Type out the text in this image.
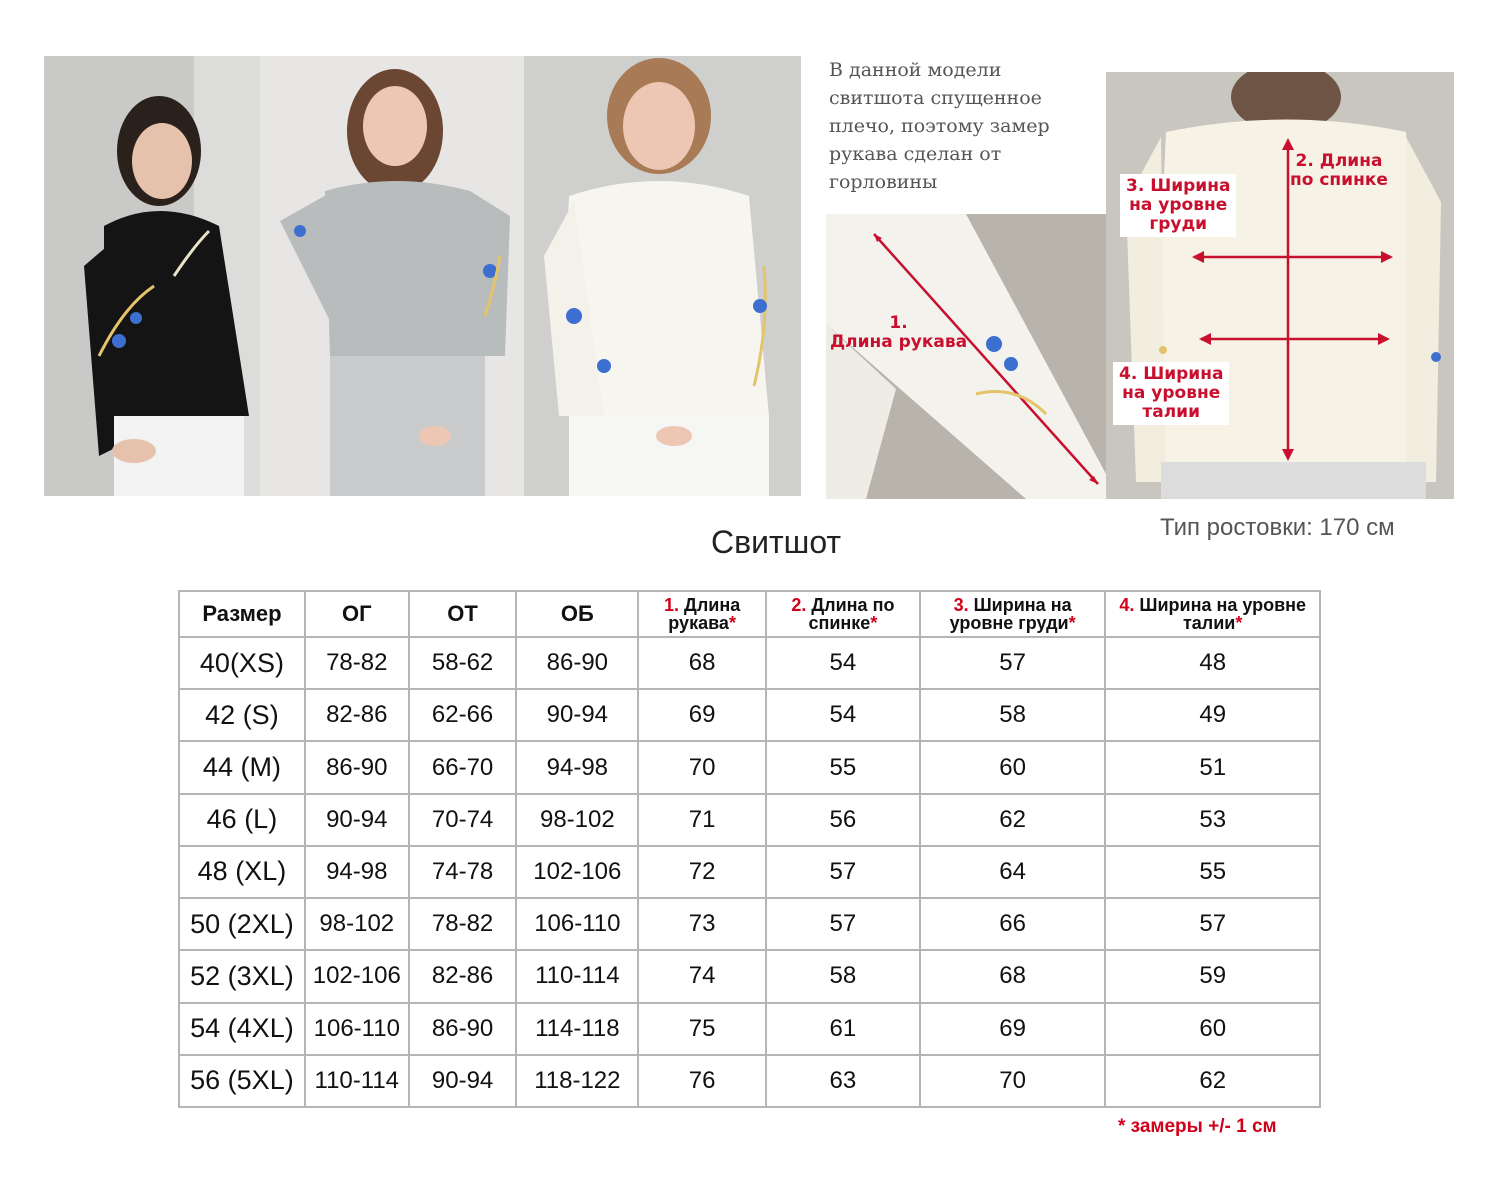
В данной модели
свитшота спущенное
плечо, поэтому замер
рукава сделан от
горловины
1.
Длина рукава
2. Длина
по спинке
3. Ширина
на уровне
груди
4. Ширина
на уровне
талии
Тип ростовки: 170 см
Свитшот
Размер	ОГ	ОТ	ОБ	1. Длина рукава*	2. Длина по спинке*	3. Ширина на уровне груди*	4. Ширина на уровне талии*
40(XS)	78-82	58-62	86-90	68	54	57	48
42 (S)	82-86	62-66	90-94	69	54	58	49
44 (M)	86-90	66-70	94-98	70	55	60	51
46 (L)	90-94	70-74	98-102	71	56	62	53
48 (XL)	94-98	74-78	102-106	72	57	64	55
50 (2XL)	98-102	78-82	106-110	73	57	66	57
52 (3XL)	102-106	82-86	110-114	74	58	68	59
54 (4XL)	106-110	86-90	114-118	75	61	69	60
56 (5XL)	110-114	90-94	118-122	76	63	70	62
* замеры +/- 1 см
